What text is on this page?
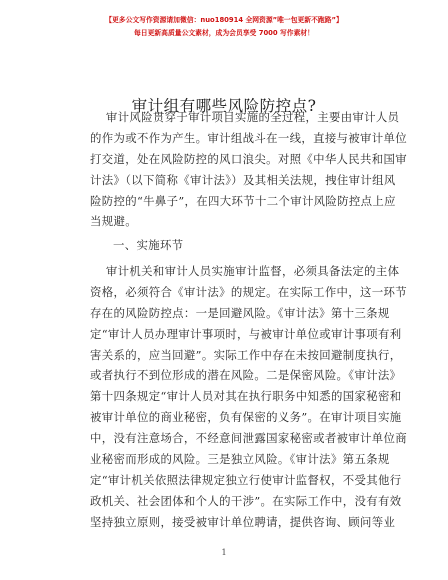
【更多公文写作资源请加微信：nuo180914 全网资源”唯一包更新不跑路”】
每日更新高质量公文素材，成为会员享受 7000 写作素材！
审计组有哪些风险防控点?
审计风险贯穿于审计项目实施的全过程，主要由审计人员
的作为或不作为产生。审计组战斗在一线，直接与被审计单位
打交道，处在风险防控的风口浪尖。对照《中华人民共和国审
计法》（以下简称《审计法》）及其相关法规，拽住审计组风
险防控的“牛鼻子”，在四大环节十二个审计风险防控点上应
当规避。
一、实施环节
审计机关和审计人员实施审计监督，必须具备法定的主体
资格，必须符合《审计法》的规定。在实际工作中，这一环节
存在的风险防控点：一是回避风险。《审计法》第十三条规
定“审计人员办理审计事项时，与被审计单位或审计事项有利
害关系的，应当回避”。实际工作中存在未按回避制度执行，
或者执行不到位形成的潜在风险。二是保密风险。《审计法》
第十四条规定“审计人员对其在执行职务中知悉的国家秘密和
被审计单位的商业秘密，负有保密的义务”。在审计项目实施
中，没有注意场合，不经意间泄露国家秘密或者被审计单位商
业秘密而形成的风险。三是独立风险。《审计法》第五条规
定“审计机关依照法律规定独立行使审计监督权，不受其他行
政机关、社会团体和个人的干涉”。在实际工作中，没有有效
坚持独立原则，接受被审计单位聘请，提供咨询、顾问等业
1
